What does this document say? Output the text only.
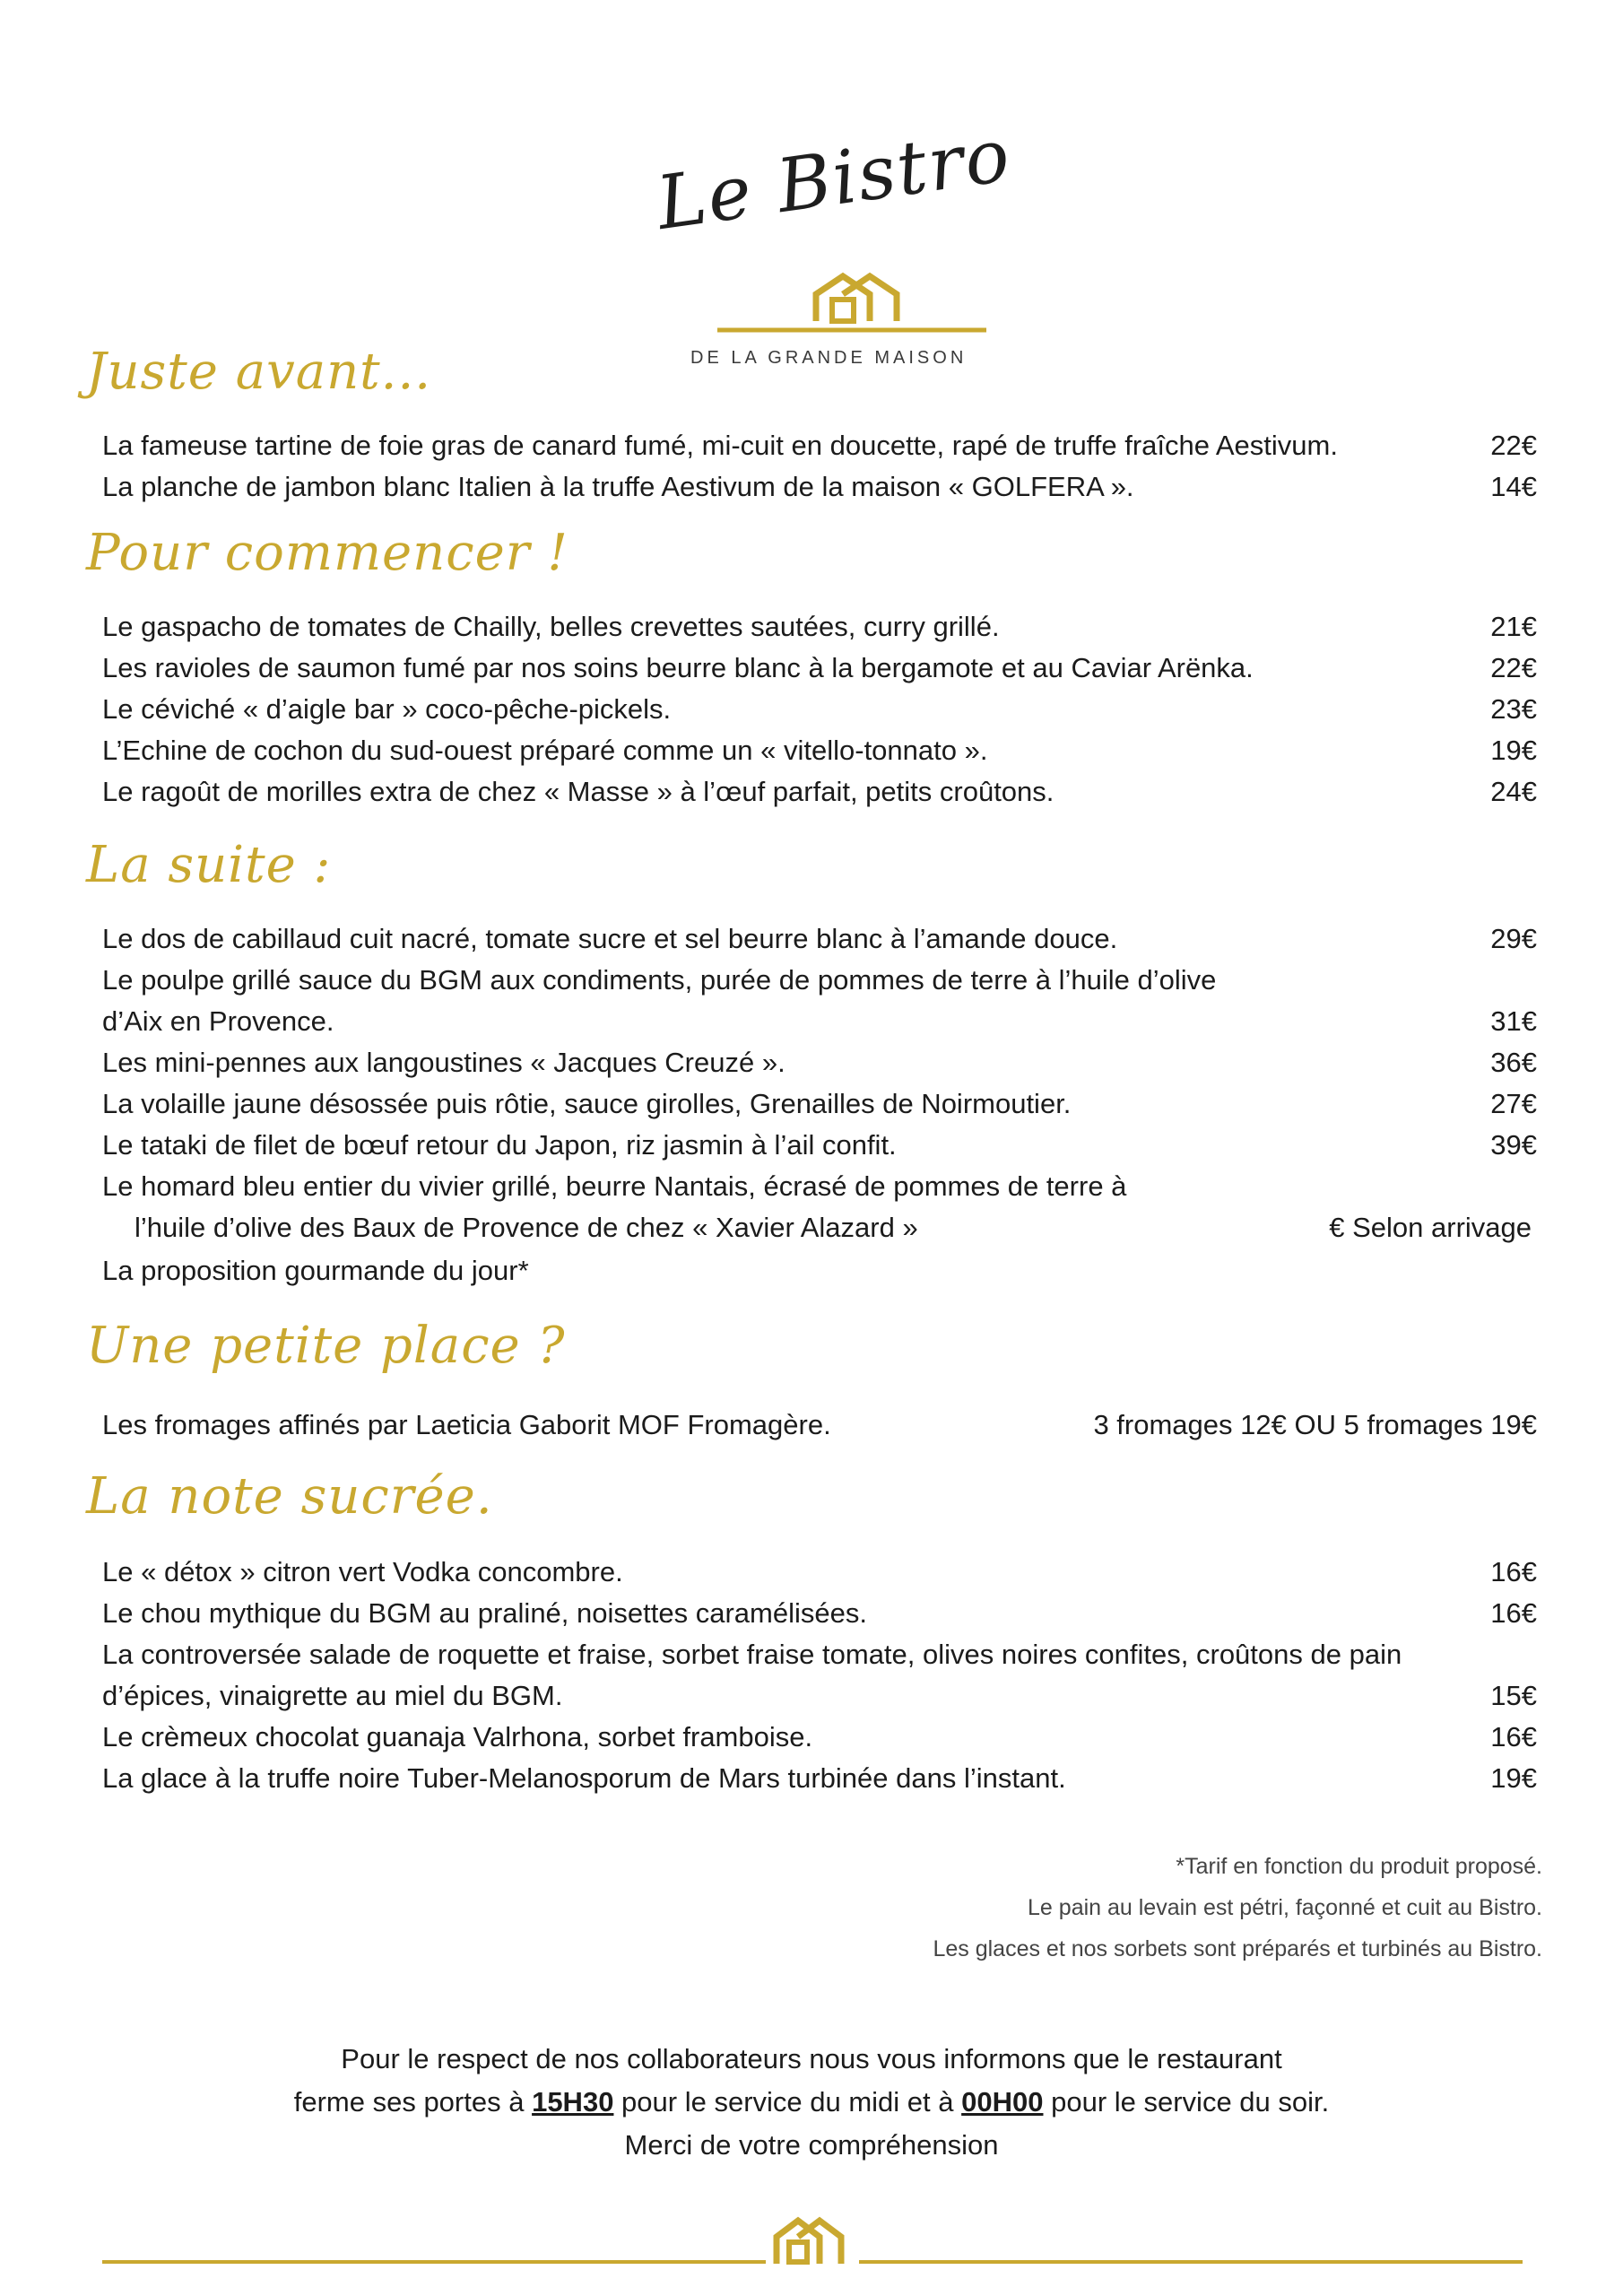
Le Bistro
DE LA GRANDE MAISON
Juste avant...
La fameuse tartine de foie gras de canard fumé, mi-cuit en doucette, rapé de truffe fraîche Aestivum.	22€
La planche de jambon blanc Italien à la truffe Aestivum de la maison « GOLFERA ».	14€
Pour commencer !
Le gaspacho de tomates de Chailly, belles crevettes sautées, curry grillé.	21€
Les ravioles de saumon fumé par nos soins beurre blanc à la bergamote et au Caviar Arënka.	22€
Le céviché « d’aigle bar » coco-pêche-pickels.	23€
L’Echine de cochon du sud-ouest préparé comme un « vitello-tonnato ».	19€
Le ragoût de morilles extra de chez « Masse » à l’œuf parfait, petits croûtons.	24€
La suite :
Le dos de cabillaud cuit nacré, tomate sucre et sel beurre blanc à l’amande douce.	29€
Le poulpe grillé sauce du BGM aux condiments, purée de pommes de terre à l’huile d’olive
d’Aix en Provence.	31€
Les mini-pennes aux langoustines « Jacques Creuzé ».	36€
La volaille jaune désossée puis rôtie, sauce girolles, Grenailles de Noirmoutier.	27€
Le tataki de filet de bœuf retour du Japon, riz jasmin à l’ail confit.	39€
Le homard bleu entier du vivier grillé, beurre Nantais, écrasé de pommes de terre à
l’huile d’olive des Baux de Provence de chez « Xavier Alazard »	€ Selon arrivage
La proposition gourmande du jour*
Une petite place ?
Les fromages affinés par Laeticia Gaborit MOF Fromagère.	3 fromages 12€ OU 5 fromages 19€
La note sucrée.
Le « détox » citron vert Vodka concombre.	16€
Le chou mythique du BGM au praliné, noisettes caramélisées.	16€
La controversée salade de roquette et fraise, sorbet fraise tomate, olives noires confites, croûtons de pain
d’épices, vinaigrette au miel du BGM.	15€
Le crèmeux chocolat guanaja Valrhona, sorbet framboise.	16€
La glace à la truffe noire Tuber-Melanosporum de Mars turbinée dans l’instant.	19€
*Tarif en fonction du produit proposé.
Le pain au levain est pétri, façonné et cuit au Bistro.
Les glaces et nos sorbets sont préparés et turbinés au Bistro.
Pour le respect de nos collaborateurs nous vous informons que le restaurant
ferme ses portes à 15H30 pour le service du midi et à 00H00 pour le service du soir.
Merci de votre compréhension
